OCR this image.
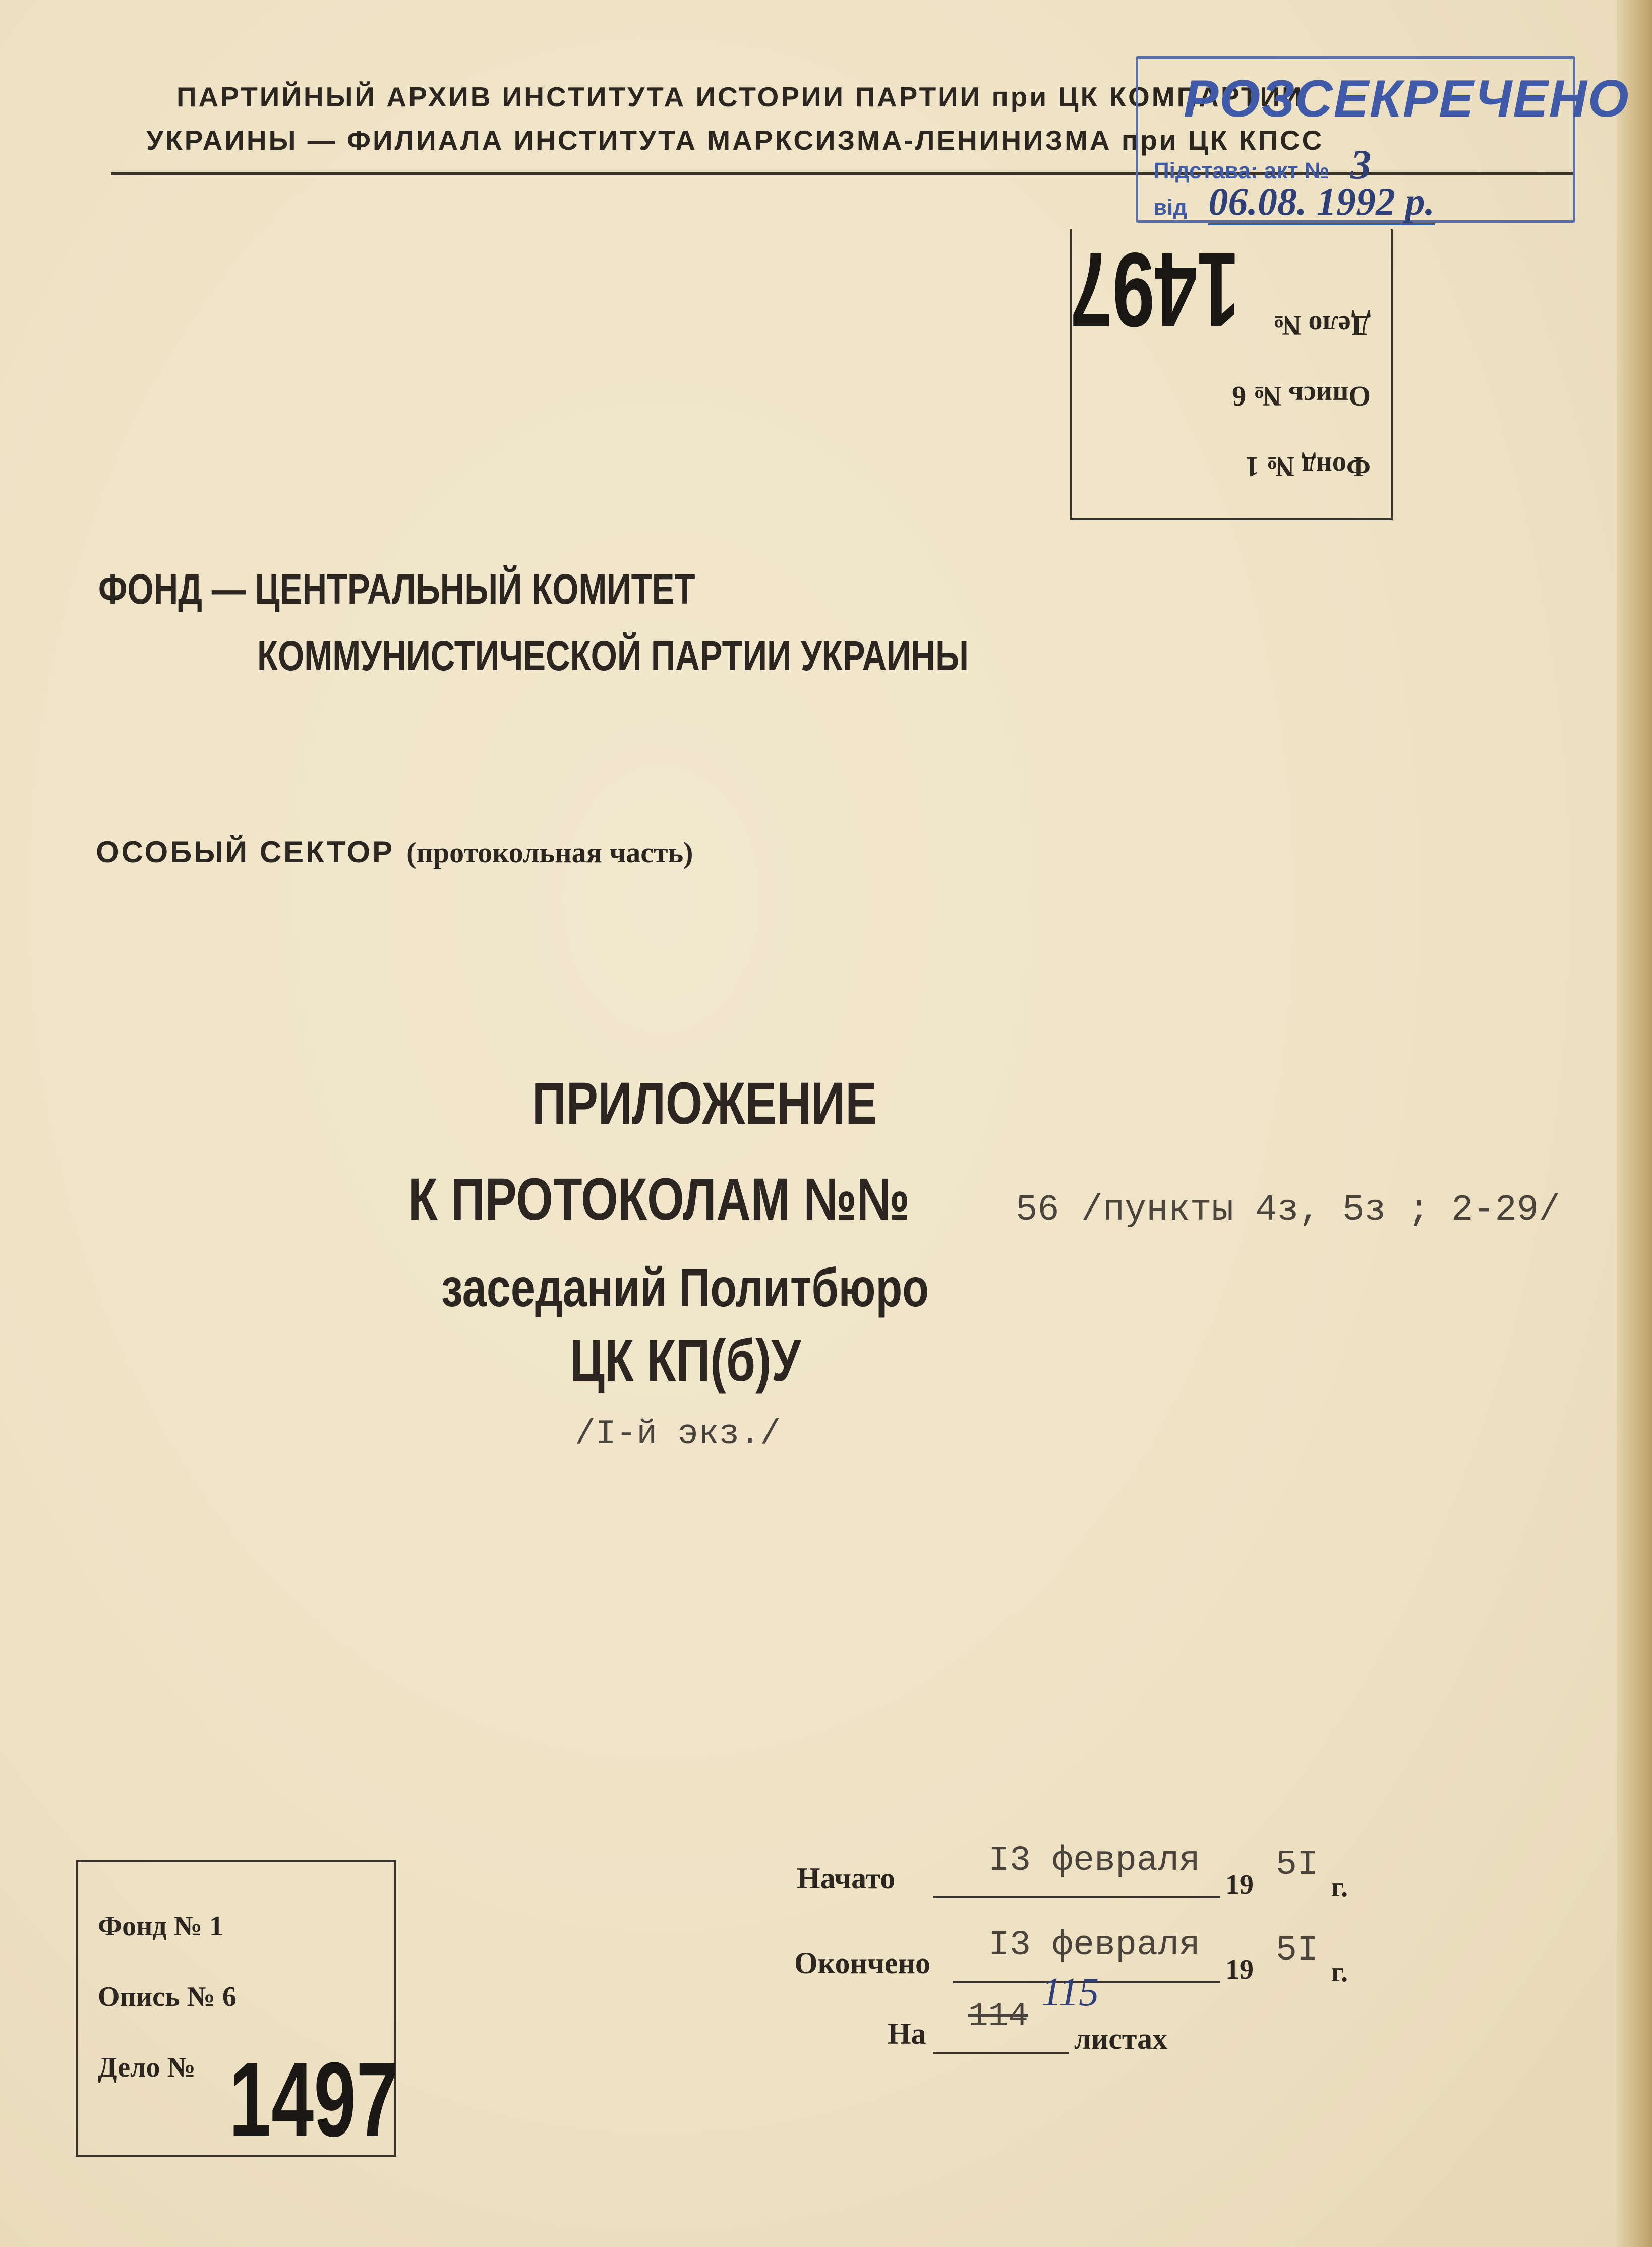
ПАРТИЙНЫЙ АРХИВ ИНСТИТУТА ИСТОРИИ ПАРТИИ при ЦК КОМПАРТИИ
УКРАИНЫ — ФИЛИАЛА ИНСТИТУТА МАРКСИЗМА-ЛЕНИНИЗМА при ЦК КПСС
РОЗСЕКРЕЧЕНО
Підстава: акт № 3
від 06.08. 1992 р.
Фонд № 1
Опись № 6
Дело №
1497
ФОНД — ЦЕНТРАЛЬНЫЙ КОМИТЕТ
КОММУНИСТИЧЕСКОЙ ПАРТИИ УКРАИНЫ
ОСОБЫЙ СЕКТОР (протокольная часть)
ПРИЛОЖЕНИЕ
К ПРОТОКОЛАМ №№	56 /пункты 4з, 5з ; 2-29/
заседаний Политбюро
ЦК КП(б)У
/I-й экз./
Начато	I3 февраля
19 5I
г.
Окончено I3 февраля
19 5I
г.
На 114
115
листах
Фонд № 1
Опись № 6
Дело № 1497
